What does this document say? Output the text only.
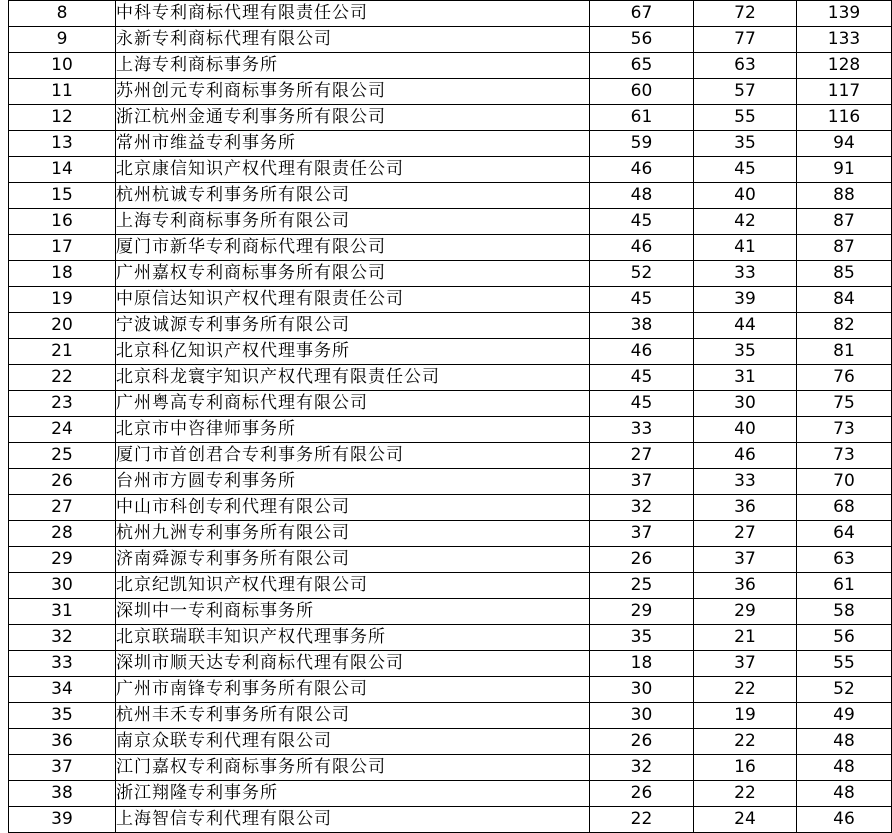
8	中科专利商标代理有限责任公司	67	72	139
9	永新专利商标代理有限公司	56	77	133
10	上海专利商标事务所	65	63	128
11	苏州创元专利商标事务所有限公司	60	57	117
12	浙江杭州金通专利事务所有限公司	61	55	116
13	常州市维益专利事务所	59	35	94
14	北京康信知识产权代理有限责任公司	46	45	91
15	杭州杭诚专利事务所有限公司	48	40	88
16	上海专利商标事务所有限公司	45	42	87
17	厦门市新华专利商标代理有限公司	46	41	87
18	广州嘉权专利商标事务所有限公司	52	33	85
19	中原信达知识产权代理有限责任公司	45	39	84
20	宁波诚源专利事务所有限公司	38	44	82
21	北京科亿知识产权代理事务所	46	35	81
22	北京科龙寰宇知识产权代理有限责任公司	45	31	76
23	广州粤高专利商标代理有限公司	45	30	75
24	北京市中咨律师事务所	33	40	73
25	厦门市首创君合专利事务所有限公司	27	46	73
26	台州市方圆专利事务所	37	33	70
27	中山市科创专利代理有限公司	32	36	68
28	杭州九洲专利事务所有限公司	37	27	64
29	济南舜源专利事务所有限公司	26	37	63
30	北京纪凯知识产权代理有限公司	25	36	61
31	深圳中一专利商标事务所	29	29	58
32	北京联瑞联丰知识产权代理事务所	35	21	56
33	深圳市顺天达专利商标代理有限公司	18	37	55
34	广州市南锋专利事务所有限公司	30	22	52
35	杭州丰禾专利事务所有限公司	30	19	49
36	南京众联专利代理有限公司	26	22	48
37	江门嘉权专利商标事务所有限公司	32	16	48
38	浙江翔隆专利事务所	26	22	48
39	上海智信专利代理有限公司	22	24	46
